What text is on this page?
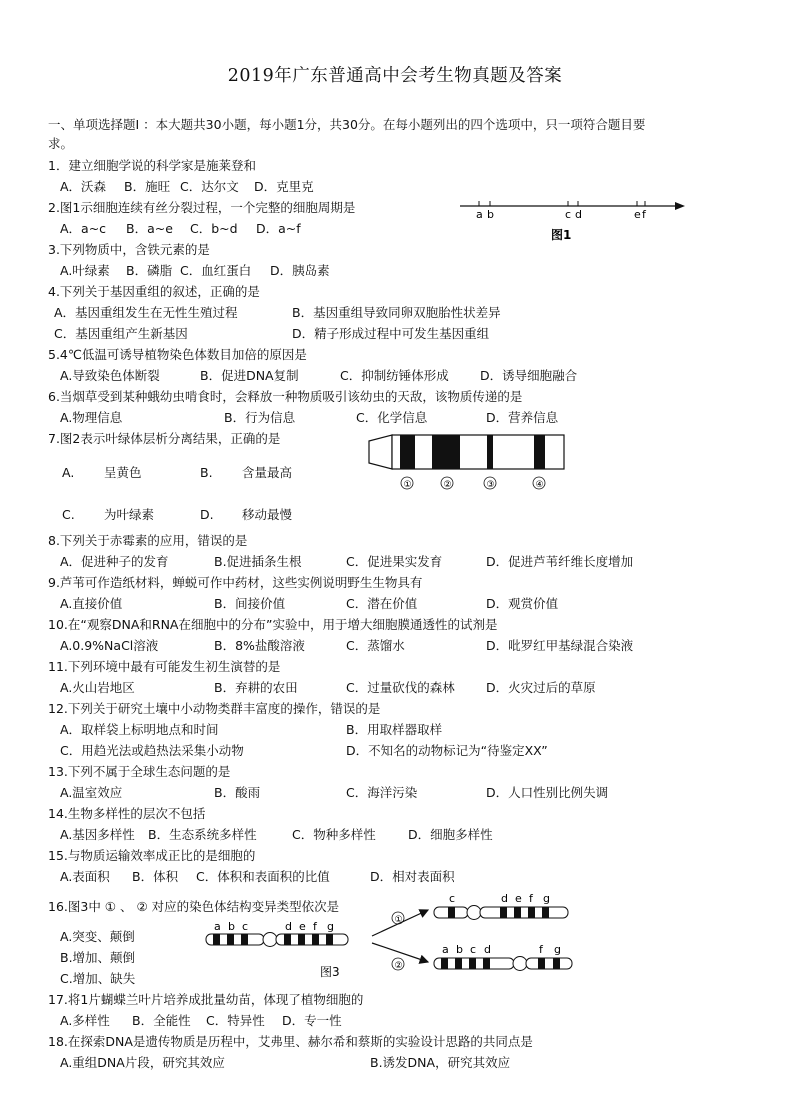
2019年广东普通高中会考生物真题及答案
一、单项选择题Ⅰ ：本大题共30小题，每小题1分，共30分。在每小题列出的四个选项中，只一项符合题目要
求。
1．建立细胞学说的科学家是施莱登和
A．沃森 B．施旺 C．达尔文 D．克里克
2.图1示细胞连续有丝分裂过程，一个完整的细胞周期是
A．a~c B．a~e C．b~d D．a~f
a b	c d	e f
图1
3.下列物质中，含铁元素的是
A.叶绿素 B．磷脂 C．血红蛋白 D．胰岛素
4.下列关于基因重组的叙述，正确的是
A．基因重组发生在无性生殖过程	B．基因重组导致同卵双胞胎性状差异
C．基因重组产生新基因	D．精子形成过程中可发生基因重组
5.4℃低温可诱导植物染色体数目加倍的原因是
A.导致染色体断裂	B．促进DNA复制	C．抑制纺锤体形成	D．诱导细胞融合
6.当烟草受到某种蛾幼虫啃食时，会释放一种物质吸引该幼虫的天敌，该物质传递的是
A.物理信息	B．行为信息	C．化学信息	D．营养信息
7.图2表示叶绿体层析分离结果，正确的是
A. 呈黄色	B. 含量最高
C. 为叶绿素	D. 移动最慢
①	②	③	④
8.下列关于赤霉素的应用，错误的是
A．促进种子的发育	B.促进插条生根	C．促进果实发育	D．促进芦苇纤维长度增加
9.芦苇可作造纸材料，蝉蜕可作中药材，这些实例说明野生生物具有
A.直接价值	B．间接价值	C．潜在价值	D．观赏价值
10.在“观察DNA和RNA在细胞中的分布”实验中，用于增大细胞膜通透性的试剂是
A.0.9%NaCl溶液	B．8%盐酸溶液	C．蒸馏水	D．吡罗红甲基绿混合染液
11.下列环境中最有可能发生初生演替的是
A.火山岩地区	B．弃耕的农田	C．过量砍伐的森林	D．火灾过后的草原
12.下列关于研究土壤中小动物类群丰富度的操作，错误的是
A．取样袋上标明地点和时间	B．用取样器取样
C．用趋光法或趋热法采集小动物	D．不知名的动物标记为“待鉴定XX”
13.下列不属于全球生态问题的是
A.温室效应	B．酸雨	C．海洋污染	D．人口性别比例失调
14.生物多样性的层次不包括
A.基因多样性 B．生态系统多样性	C．物种多样性	D．细胞多样性
15.与物质运输效率成正比的是细胞的
A.表面积 B．体积 C．体积和表面积的比值	D．相对表面积
16.图3中 ① 、 ② 对应的染色体结构变异类型依次是
A.突变、颠倒
B.增加、颠倒
C.增加、缺失
a b c	d e f g
图3
①
②
c	d e f g
a b c d	f g
17.将1片蝴蝶兰叶片培养成批量幼苗，体现了植物细胞的
A.多样性 B．全能性 C．特异性 D．专一性
18.在探索DNA是遗传物质是历程中，艾弗里、赫尔希和蔡斯的实验设计思路的共同点是
A.重组DNA片段，研究其效应	B.诱发DNA，研究其效应
